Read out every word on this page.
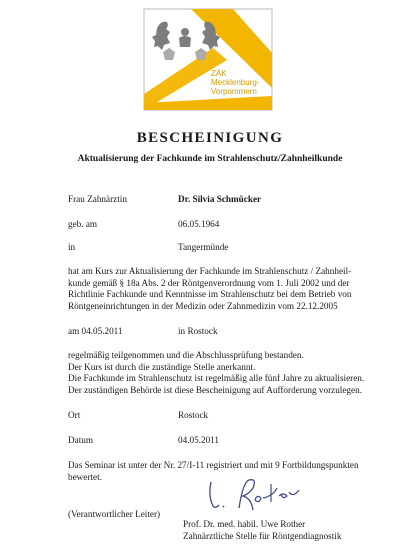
ZÄK
Mecklenburg-
Vorpommern
BESCHEINIGUNG
Aktualisierung der Fachkunde im Strahlenschutz/Zahnheilkunde
Frau Zahnärztin	Dr. Silvia Schmücker
geb. am	06.05.1964
in	Tangermünde
hat am Kurs zur Aktualisierung der Fachkunde im Strahlenschutz / Zahnheil-
kunde gemäß § 18a Abs. 2 der Röntgenverordnung vom 1. Juli 2002 und der
Richtlinie Fachkunde und Kenntnisse im Strahlenschutz bei dem Betrieb von
Röntgeneinrichtungen in der Medizin oder Zahnmedizin vom 22.12.2005
am 04.05.2011	in Rostock
regelmäßig teilgenommen und die Abschlussprüfung bestanden.
Der Kurs ist durch die zuständige Stelle anerkannt.
Die Fachkunde im Strahlenschutz ist regelmäßig alle fünf Jahre zu aktualisieren.
Der zuständigen Behörde ist diese Bescheinigung auf Aufforderung vorzulegen.
Ort	Rostock
Datum	04.05.2011
Das Seminar ist unter der Nr. 27/I-11 registriert und mit 9 Fortbildungspunkten
bewertet.
(Verantwortlicher Leiter)
Prof. Dr. med. habil. Uwe Rother
Zahnärztliche Stelle für Röntgendiagnostik
